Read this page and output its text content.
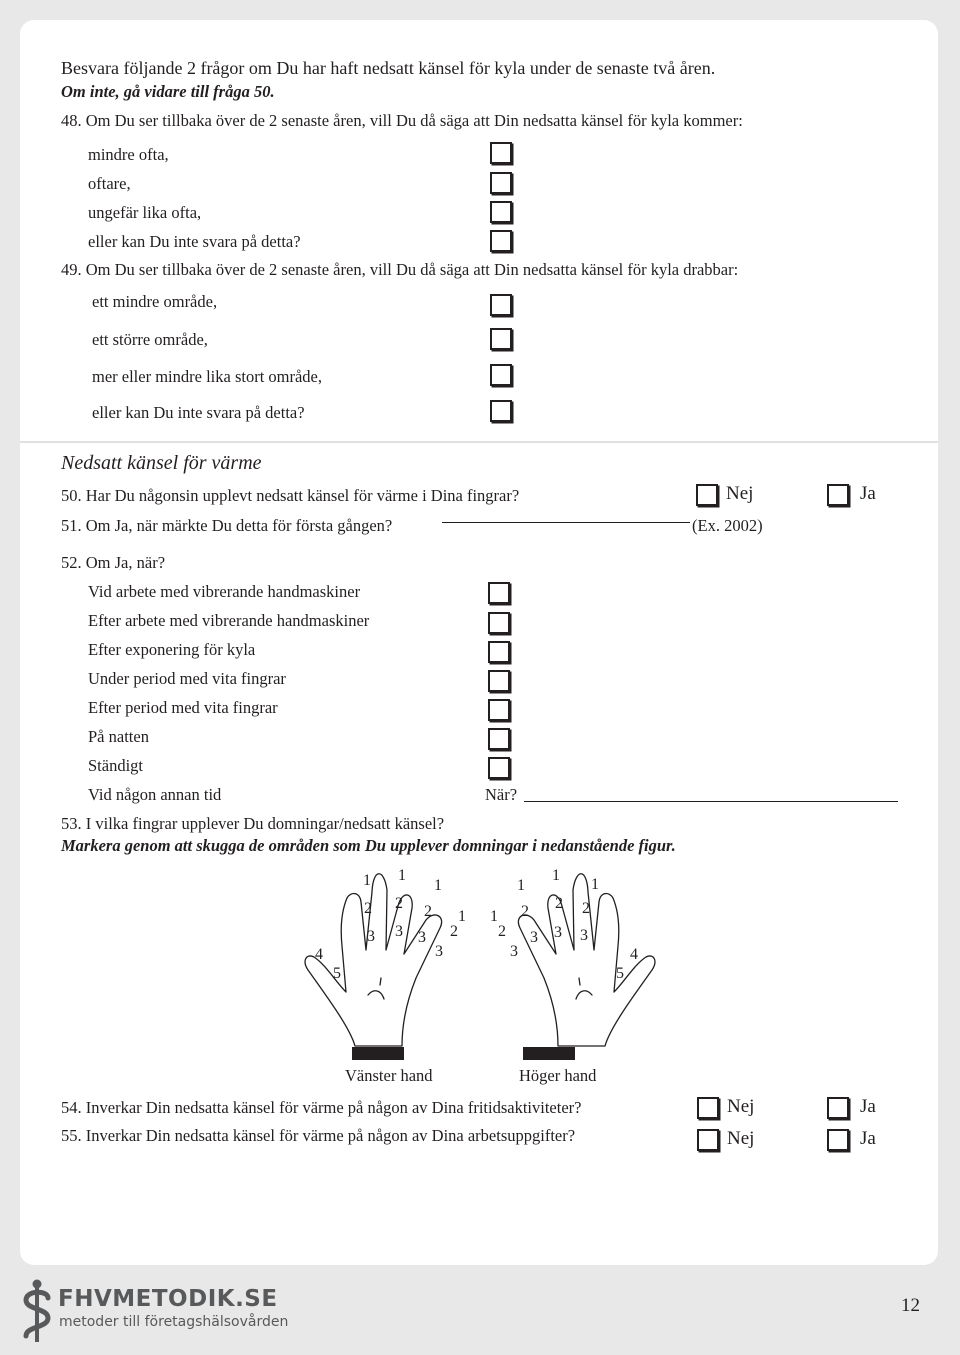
Besvara följande 2 frågor om Du har haft nedsatt känsel för kyla under de senaste två åren.
Om inte, gå vidare till fråga 50.
48. Om Du ser tillbaka över de 2 senaste åren, vill Du då säga att Din nedsatta känsel för kyla kommer:
mindre ofta,
oftare,
ungefär lika ofta,
eller kan Du inte svara på detta?
49. Om Du ser tillbaka över de 2 senaste åren, vill Du då säga att Din nedsatta känsel för kyla drabbar:
ett mindre område,
ett större område,
mer eller mindre lika stort område,
eller kan Du inte svara på detta?
Nedsatt känsel för värme
50. Har Du någonsin upplevt nedsatt känsel för värme i Dina fingrar?	Nej	Ja
51. Om Ja, när märkte Du detta för första gången?	(Ex. 2002)
52. Om Ja, när?
Vid arbete med vibrerande handmaskiner
Efter arbete med vibrerande handmaskiner
Efter exponering för kyla
Under period med vita fingrar
Efter period med vita fingrar
På natten
Ständigt
Vid någon annan tid	När?
53. I vilka fingrar upplever Du domningar/nedsatt känsel?
Markera genom att skugga de områden som Du upplever domningar i nedanstående figur.
1 1
1
1
2 2 2
2
3 3 3
3
4
5
1
1
1
1 2 2 2
2 3 3 3
3	4
5
Vänster hand	Höger hand
54. Inverkar Din nedsatta känsel för värme på någon av Dina fritidsaktiviteter?	Nej	Ja
55. Inverkar Din nedsatta känsel för värme på någon av Dina arbetsuppgifter?	Nej	Ja
FHVMETODIK.SE
metoder till företagshälsovården
12
